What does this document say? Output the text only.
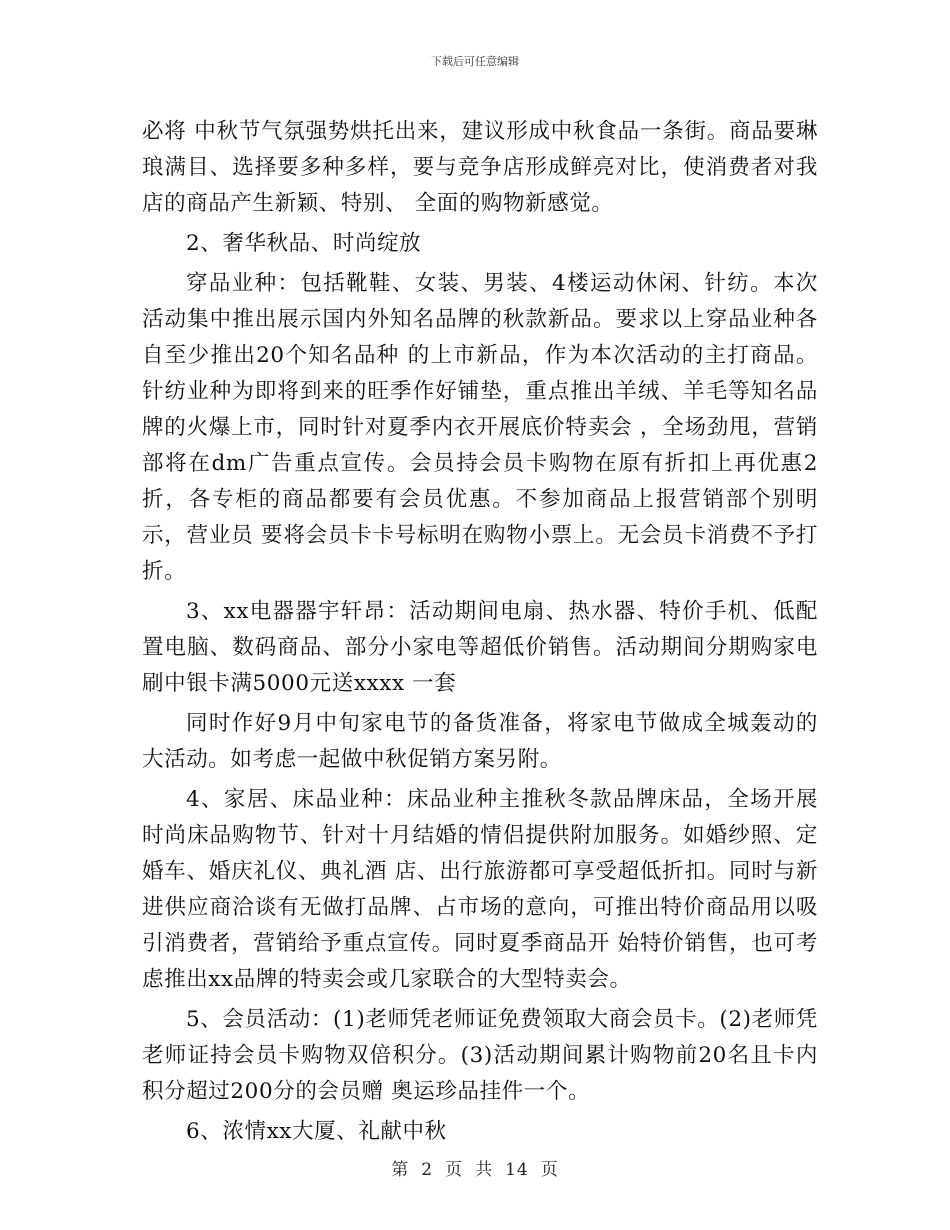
下载后可任意编辑

必将 中秋节气氛强势烘托出来，建议形成中秋食品一条街。商品要琳琅满目、选择要多种多样，要与竞争店形成鲜亮对比，使消费者对我店的商品产生新颖、特别、 全面的购物新感觉。

2、奢华秋品、时尚绽放

穿品业种：包括靴鞋、女装、男装、4楼运动休闲、针纺。本次活动集中推出展示国内外知名品牌的秋款新品。要求以上穿品业种各自至少推出20个知名品种 的上市新品，作为本次活动的主打商品。针纺业种为即将到来的旺季作好铺垫，重点推出羊绒、羊毛等知名品牌的火爆上市，同时针对夏季内衣开展底价特卖会 ，全场劲甩，营销部将在dm广告重点宣传。会员持会员卡购物在原有折扣上再优惠2折，各专柜的商品都要有会员优惠。不参加商品上报营销部个别明示，营业员 要将会员卡卡号标明在购物小票上。无会员卡消费不予打折。

3、xx电器器宇轩昂：活动期间电扇、热水器、特价手机、低配置电脑、数码商品、部分小家电等超低价销售。活动期间分期购家电刷中银卡满5000元送xxxx 一套

同时作好9月中旬家电节的备货准备，将家电节做成全城轰动的大活动。如考虑一起做中秋促销方案另附。

4、家居、床品业种：床品业种主推秋冬款品牌床品，全场开展时尚床品购物节、针对十月结婚的情侣提供附加服务。如婚纱照、定婚车、婚庆礼仪、典礼酒 店、出行旅游都可享受超低折扣。同时与新进供应商洽谈有无做打品牌、占市场的意向，可推出特价商品用以吸引消费者，营销给予重点宣传。同时夏季商品开 始特价销售，也可考虑推出xx品牌的特卖会或几家联合的大型特卖会。

5、会员活动：(1)老师凭老师证免费领取大商会员卡。(2)老师凭老师证持会员卡购物双倍积分。(3)活动期间累计购物前20名且卡内积分超过200分的会员赠 奥运珍品挂件一个。

6、浓情xx大厦、礼献中秋

第 2 页 共 14 页
